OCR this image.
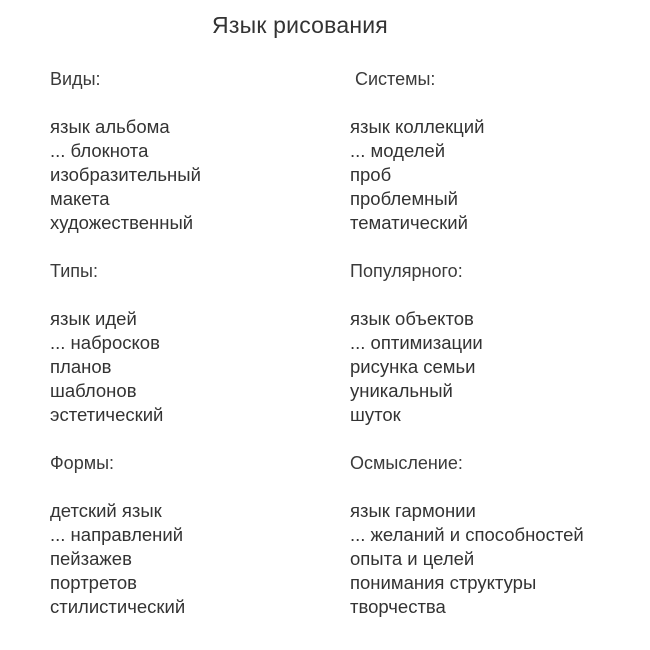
Язык рисования
Виды:
язык альбома
... блокнота
изобразительный
макета
художественный
Типы:
язык идей
... набросков
планов
шаблонов
эстетический
Формы:
детский язык
... направлений
пейзажев
портретов
стилистический
Системы:
язык коллекций
... моделей
проб
проблемный
тематический
Популярного:
язык объектов
... оптимизации
рисунка семьи
уникальный
шуток
Осмысление:
язык гармонии
... желаний и способностей
опыта и целей
понимания структуры
творчества
